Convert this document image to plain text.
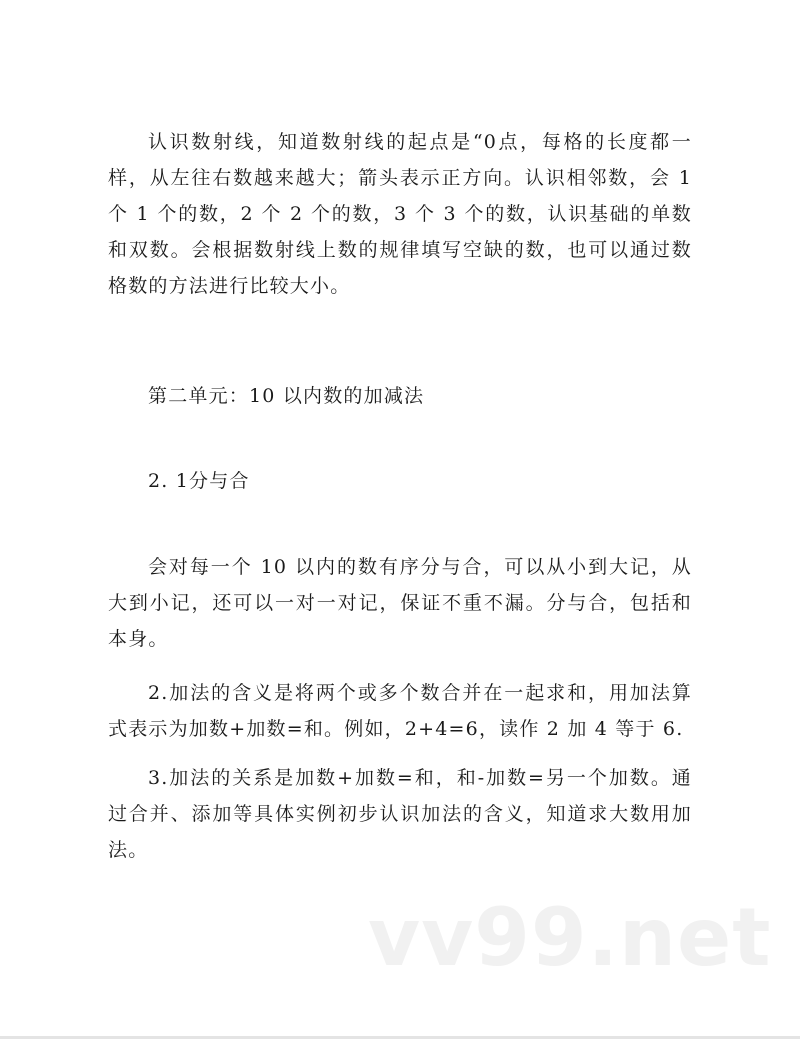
认识数射线，知道数射线的起点是“0点，每格的长度都一样，从左往右数越来越大；箭头表示正方向。认识相邻数，会 1 个 1 个的数，2 个 2 个的数，3 个 3 个的数，认识基础的单数和双数。会根据数射线上数的规律填写空缺的数，也可以通过数格数的方法进行比较大小。

第二单元：10 以内数的加减法

2. 1分与合

会对每一个 10 以内的数有序分与合，可以从小到大记，从大到小记，还可以一对一对记，保证不重不漏。分与合，包括和本身。

2.加法的含义是将两个或多个数合并在一起求和，用加法算式表示为加数+加数=和。例如，2+4=6，读作 2 加 4 等于 6.

3.加法的关系是加数+加数=和，和-加数=另一个加数。通过合并、添加等具体实例初步认识加法的含义，知道求大数用加法。

vv99.net
